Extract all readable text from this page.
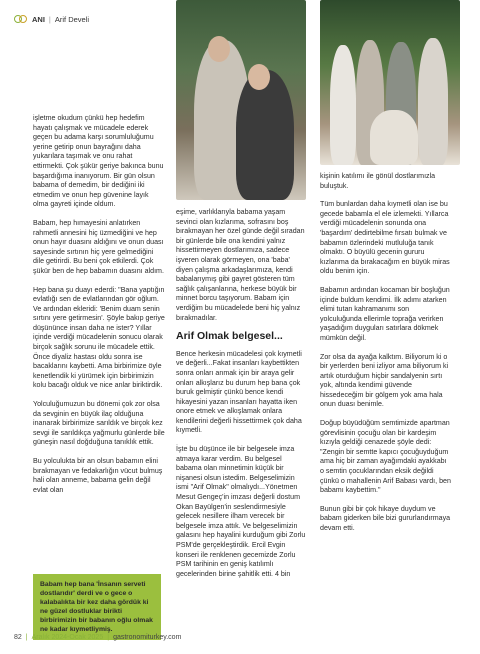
ANI | Arif Develi

işletme okudum çünkü hep hedefim hayatı çalışmak ve mücadele ederek geçen bu adama karşı sorumluluğumu yerine getirip onun bayrağını daha yukarılara taşımak ve onu rahat ettirmekti. Çok şükür geriye bakınca bunu başardığıma inanıyorum. Bir gün olsun babama of demedim, bir dediğini iki etmedim ve onun hep güvenine layık olma gayreti içinde oldum.

Babam, hep hımayesini anlatırken rahmetli annesini hiç üzmediğini ve hep onun hayır duasını aldığını ve onun duası sayesinde sırtının hiç yere gelmediğini dile getirirdi. Bu beni çok etkilerdi. Çok şükür ben de hep babamın duasını aldım.

Hep bana şu duayı ederdi: "Bana yaptığın evlatlığı sen de evlatlarından gör oğlum. Ve ardından ekleridi: 'Benim duam senin sırtını yere getirmesin'. Şöyle bakıp geriye düşününce insan daha ne ister? Yıllar içinde verdiği mücadelenin sonucu olarak birçok sağlık sorunu ile mücadele ettik. Önce diyaliz hastası oldu sonra ise bacaklarını kaybetti. Ama birbirimize öyle kenetlendik ki yürümek için birbirimizin kolu bacağı olduk ve nice anlar biriktirdik.

Yolculuğumuzun bu dönemi çok zor olsa da sevginin en büyük ilaç olduğuna inanarak birbirimize sarıldık ve birçok kez sevgi ile sarıldıkça yağmurlu günlerde bile güneşin nasıl doğduğuna tanıklık ettik.

Bu yolculukta bir an olsun babamın elini bırakmayan ve fedakarlığın vücut bulmuş hali olan anneme, babama gelin değil evlat olan

Babam hep bana 'İnsanın serveti dostlarıdır' derdi ve o gece o kalabalıkta bir kez daha gördük ki ne güzel dostluklar birikti birbirimizin bir babanın oğlu olmak ne kadar kıymetliymiş.

eşime, varlıklarıyla babama yaşam sevinci olan kızlarıma, sofrasını boş bırakmayan her özel günde değil sıradan bir günlerde bile ona kendini yalnız hissettirmeyen dostlarımıza, sadece işveren olarak görmeyen, ona 'baba' diyen çalışma arkadaşlarımıza, kendi babalarıymış gibi gayret gösteren tüm sağlık çalışanlarına, herkese büyük bir minnet borcu taşıyorum. Babam için verdiğim bu mücadelede beni hiç yalnız bırakmadılar.

Arif Olmak belgesel...

Bence herkesin mücadelesi çok kıymetli ve değerli...Fakat insanları kaybettikten sonra onları anmak için bir araya gelir onları alkışlarız bu durum hep bana çok buruk gelmiştir çünkü bence kendi hikayesini yazan insanları hayatta iken onore etmek ve alkışlamak onlara kendilerini değerli hissettirmek çok daha kıymetli.

İşte bu düşünce ile bir belgesele imza atmaya karar verdim. Bu belgesel babama olan minnetimin küçük bir nişanesi olsun istedim. Belgeselimizin ismi "Arif Olmak" olmalıydı...Yönetmen Mesut Gengeç'in imzası değerli dostum Okan Bayülgen'in seslendirmesiyle gelecek nesillere ilham verecek bir belgesele imza attık. Ve belgeselimizin galasını hep hayalini kurduğum gibi Zorlu PSM'de gerçekleştirdik. Ercil Evgin konseri ile renklenen gecemizde Zorlu PSM tarihinin en geniş katılımlı gecelerinden birine şahitlik etti. 4 bin

kişinin katılımı ile gönül dostlarımızla buluştuk.

Tüm bunlardan daha kıymetli olan ise bu gecede babamla el ele izlemekti. Yıllarca verdiği mücadelenin sonunda ona 'başardım' dedirtebilme fırsatı bulmak ve babamın özlerindeki mutluluğa tanık olmaktı. O büyülü gecenin gururu kızlarıma da bırakacağım en büyük miras oldu benim için.

Babamın ardından kocaman bir boşluğun içinde buldum kendimi. İlk adımı atarken elimi tutan kahramanımı son yolculuğunda ellerimle toprağa verirken yaşadığım duyguları satırlara dökmek mümkün değil.

Zor olsa da ayağa kalktım. Biliyorum ki o bir yerlerden beni izliyor ama biliyorum ki artık oturduğum hiçbir sandalyenin sırtı yok, altında kendimi güvende hissedeceğim bir gölgem yok ama hala onun duası benimle.

Doğup büyüdüğüm semtimizde apartman görevlisinin çocuğu olan bir kardeşim kızıyla geldiği cenazede şöyle dedi: "Zengin bir semtte kapıcı çocuğuyduğum ama hiç bir zaman ayağımdaki ayakkabı o semtin çocuklarından eksik değildi çünkü o mahallenin Arif Babası vardı, ben babamı kaybettim."

Bunun gibi bir çok hikaye duydum ve babam giderken bile bizi gururlandırmaya devam etti.

82 | Aralık 2024-Ocak 2025 | gastronomiturkey.com
